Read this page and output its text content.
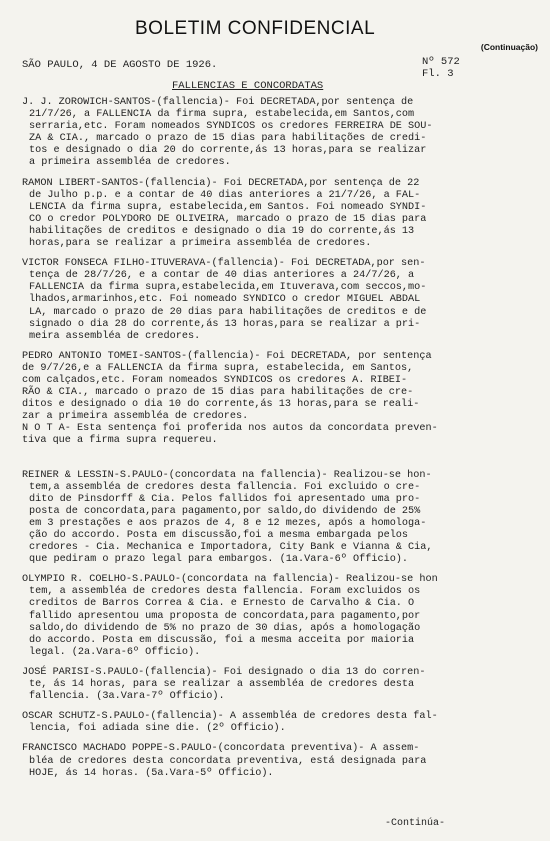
BOLETIM CONFIDENCIAL
(Continuação)
SÃO PAULO, 4 DE AGOSTO DE 1926.	Nº 572
Fl. 3
FALLENCIAS E CONCORDATAS
J. J. ZOROWICH-SANTOS-(fallencia)- Foi DECRETADA,por sentença de
21/7/26, a FALLENCIA da firma supra, estabelecida,em Santos,com
serraria,etc. Foram nomeados SYNDICOS os credores FERREIRA DE SOU-
ZA & CIA., marcado o prazo de 15 dias para habilitações de credi-
tos e designado o dia 20 do corrente,ás 13 horas,para se realizar
a primeira assembléa de credores.
RAMON LIBERT-SANTOS-(fallencia)- Foi DECRETADA,por sentença de 22
de Julho p.p. e a contar de 40 dias anteriores a 21/7/26, a FAL-
LENCIA da firma supra, estabelecida,em Santos. Foi nomeado SYNDI-
CO o credor POLYDORO DE OLIVEIRA, marcado o prazo de 15 dias para
habilitações de creditos e designado o dia 19 do corrente,ás 13
horas,para se realizar a primeira assembléa de credores.
VICTOR FONSECA FILHO-ITUVERAVA-(fallencia)- Foi DECRETADA,por sen-
tença de 28/7/26, e a contar de 40 dias anteriores a 24/7/26, a
FALLENCIA da firma supra,estabelecida,em Ituverava,com seccos,mo-
lhados,armarinhos,etc. Foi nomeado SYNDICO o credor MIGUEL ABDAL
LA, marcado o prazo de 20 dias para habilitações de creditos e de
signado o dia 28 do corrente,ás 13 horas,para se realizar a pri-
meira assembléa de credores.
PEDRO ANTONIO TOMEI-SANTOS-(fallencia)- Foi DECRETADA, por sentença
de 9/7/26,e a FALLENCIA da firma supra, estabelecida, em Santos,
com calçados,etc. Foram nomeados SYNDICOS os credores A. RIBEI-
RÃO & CIA., marcado o prazo de 15 dias para habilitações de cre-
ditos e designado o dia 10 do corrente,ás 13 horas,para se reali-
zar a primeira assembléa de credores.
N O T A- Esta sentença foi proferida nos autos da concordata preven-
tiva que a firma supra requereu.
REINER & LESSIN-S.PAULO-(concordata na fallencia)- Realizou-se hon-
tem,a assembléa de credores desta fallencia. Foi excluido o cre-
dito de Pinsdorff & Cia. Pelos fallidos foi apresentado uma pro-
posta de concordata,para pagamento,por saldo,do dividendo de 25%
em 3 prestações e aos prazos de 4, 8 e 12 mezes, após a homologa-
ção do accordo. Posta em discussão,foi a mesma embargada pelos
credores - Cia. Mechanica e Importadora, City Bank e Vianna & Cia,
que pediram o prazo legal para embargos. (1a.Vara-6º Officio).
OLYMPIO R. COELHO-S.PAULO-(concordata na fallencia)- Realizou-se hon
tem, a assembléa de credores desta fallencia. Foram excluidos os
creditos de Barros Correa & Cia. e Ernesto de Carvalho & Cia. O
fallido apresentou uma proposta de concordata,para pagamento,por
saldo,do dividendo de 5% no prazo de 30 dias, após a homologação
do accordo. Posta em discussão, foi a mesma acceita por maioria
legal. (2a.Vara-6º Officio).
JOSÉ PARISI-S.PAULO-(fallencia)- Foi designado o dia 13 do corren-
te, ás 14 horas, para se realizar a assembléa de credores desta
fallencia. (3a.Vara-7º Officio).
OSCAR SCHUTZ-S.PAULO-(fallencia)- A assembléa de credores desta fal-
lencia, foi adiada sine die. (2º Officio).
FRANCISCO MACHADO POPPE-S.PAULO-(concordata preventiva)- A assem-
bléa de credores desta concordata preventiva, está designada para
HOJE, ás 14 horas. (5a.Vara-5º Officio).
-Continúa-
